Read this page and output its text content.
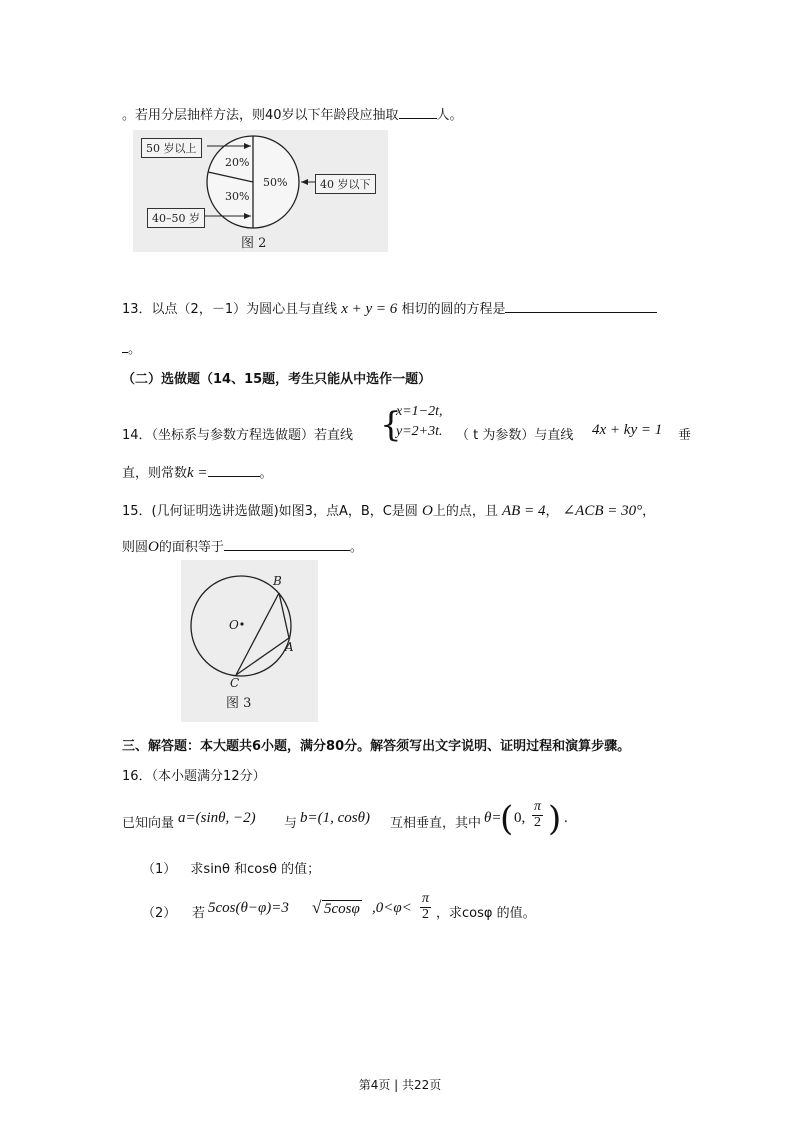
。若用分层抽样方法，则40岁以下年龄段应抽取	人。
50 岁以上
40–50 岁
40 岁以下
20%
30%
50%
图 2
13．以点（2，－1）为圆心且与直线 x + y = 6 相切的圆的方程是
。
（二）选做题（14、15题，考生只能从中选作一题）
14．（坐标系与参数方程选做题）若直线 {
x=1−2t,
y=2+3t. （ t 为参数）与直线 4x + ky = 1 垂
直，则常数k =	。
15．(几何证明选讲选做题)如图3，点A，B，C是圆 O上的点，且 AB = 4， ∠ACB = 30°，
则圆O的面积等于	。
B
O
A
C
图 3
三、解答题：本大题共6小题，满分80分。解答须写出文字说明、证明过程和演算步骤。
16．（本小题满分12分）
已知向量 a=(sinθ, −2) 与 b=(1, cosθ) 互相垂直，其中 θ=
( 0, $\frac{\pi}{2}$ ) .
（1） 求sinθ 和cosθ 的值；
（2） 若 5cos(θ−φ)=3 √ 5cosφ $,0<\varphi< \frac{\pi}{2}$ ，求cosφ 的值。
第4页 | 共22页
